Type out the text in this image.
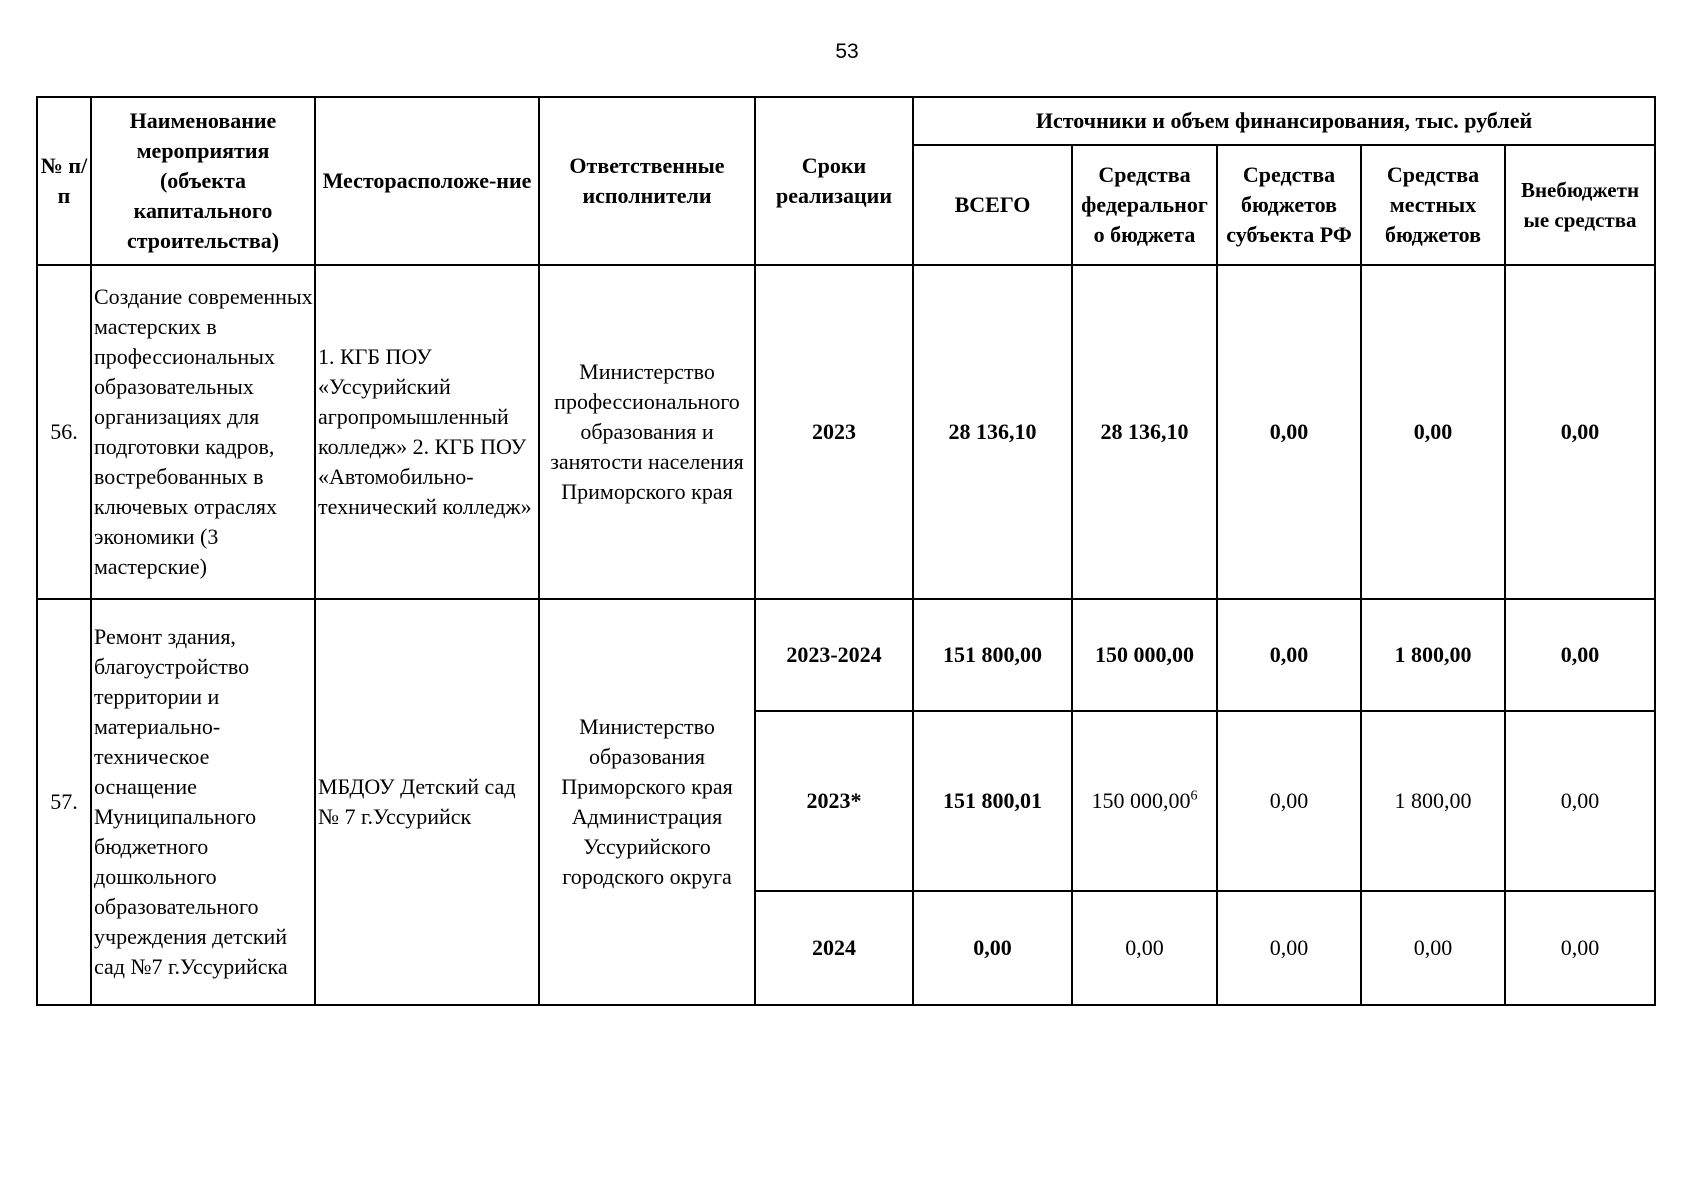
53
№ п/п	Наименование мероприятия (объекта капитального строительства)	Месторасположе-ние	Ответственные исполнители	Сроки реализации	Источники и объем финансирования, тыс. рублей				
					ВСЕГО	Средства федеральног о бюджета	Средства бюджетов субъекта РФ	Средства местных бюджетов	Внебюджетн ые средства
56.	Создание современных мастерских в профессиональных образовательных организациях для подготовки кадров, востребованных в ключевых отраслях экономики (3 мастерские)	1. КГБ ПОУ «Уссурийский агропромышленный колледж» 2. КГБ ПОУ «Автомобильно-технический колледж»	Министерство профессионального образования и занятости населения Приморского края	2023	28 136,10	28 136,10	0,00	0,00	0,00
57.	Ремонт здания, благоустройство территории и материально-техническое оснащение Муниципального бюджетного дошкольного образовательного учреждения детский сад №7 г.Уссурийска	МБДОУ Детский сад № 7 г.Уссурийск	Министерство образования Приморского края Администрация Уссурийского городского округа	2023-2024	151 800,00	150 000,00	0,00	1 800,00	0,00
				2023*	151 800,01	150 000,00$^6$	0,00	1 800,00	0,00
				2024	0,00	0,00	0,00	0,00	0,00
